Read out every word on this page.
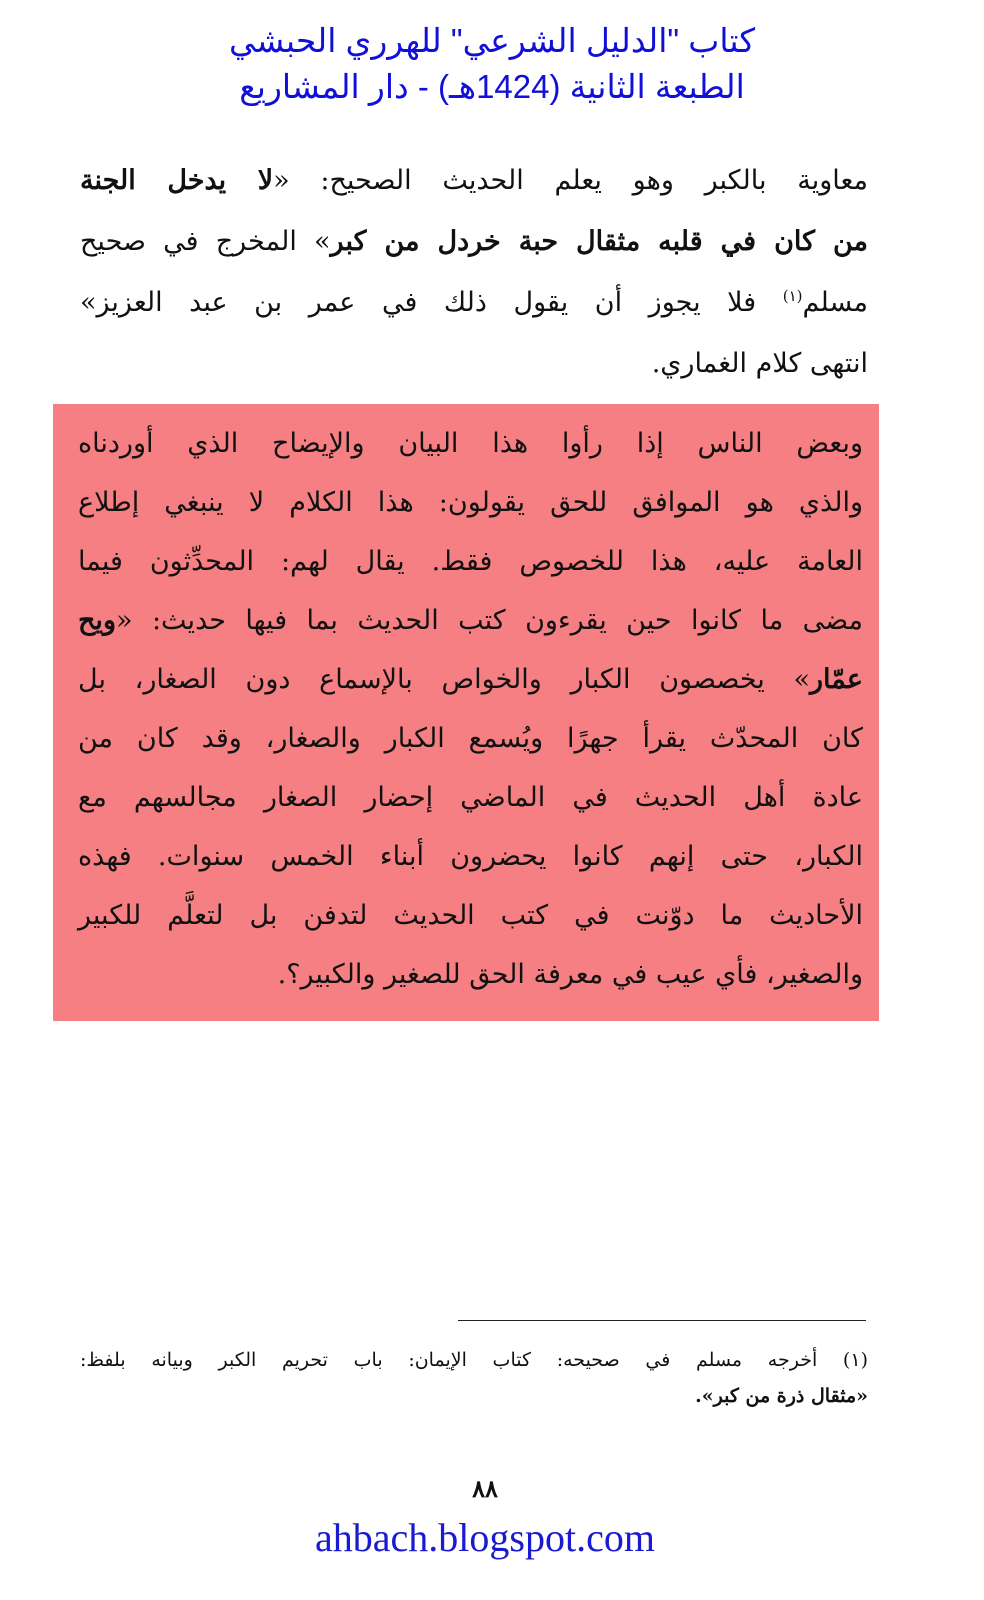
كتاب "الدليل الشرعي" للهرري الحبشي
الطبعة الثانية (1424هـ) - دار المشاريع
معاوية بالكبر وهو يعلم الحديث الصحيح: «لا يدخل الجنة
من كان في قلبه مثقال حبة خردل من كبر» المخرج في صحيح
مسلم$^{(١)}$ فلا يجوز أن يقول ذلك في عمر بن عبد العزيز»
انتهى كلام الغماري.
وبعض الناس إذا رأوا هذا البيان والإيضاح الذي أوردناه
والذي هو الموافق للحق يقولون: هذا الكلام لا ينبغي إطلاع
العامة عليه، هذا للخصوص فقط. يقال لهم: المحدِّثون فيما
مضى ما كانوا حين يقرءون كتب الحديث بما فيها حديث: «ويح
عمّار» يخصصون الكبار والخواص بالإسماع دون الصغار، بل
كان المحدّث يقرأ جهرًا ويُسمع الكبار والصغار، وقد كان من
عادة أهل الحديث في الماضي إحضار الصغار مجالسهم مع
الكبار، حتى إنهم كانوا يحضرون أبناء الخمس سنوات. فهذه
الأحاديث ما دوّنت في كتب الحديث لتدفن بل لتعلَّم للكبير
والصغير، فأي عيب في معرفة الحق للصغير والكبير؟.
(١) أخرجه مسلم في صحيحه: كتاب الإيمان: باب تحريم الكبر وبيانه بلفظ:
«مثقال ذرة من كبر».
٨٨
ahbach.blogspot.com
